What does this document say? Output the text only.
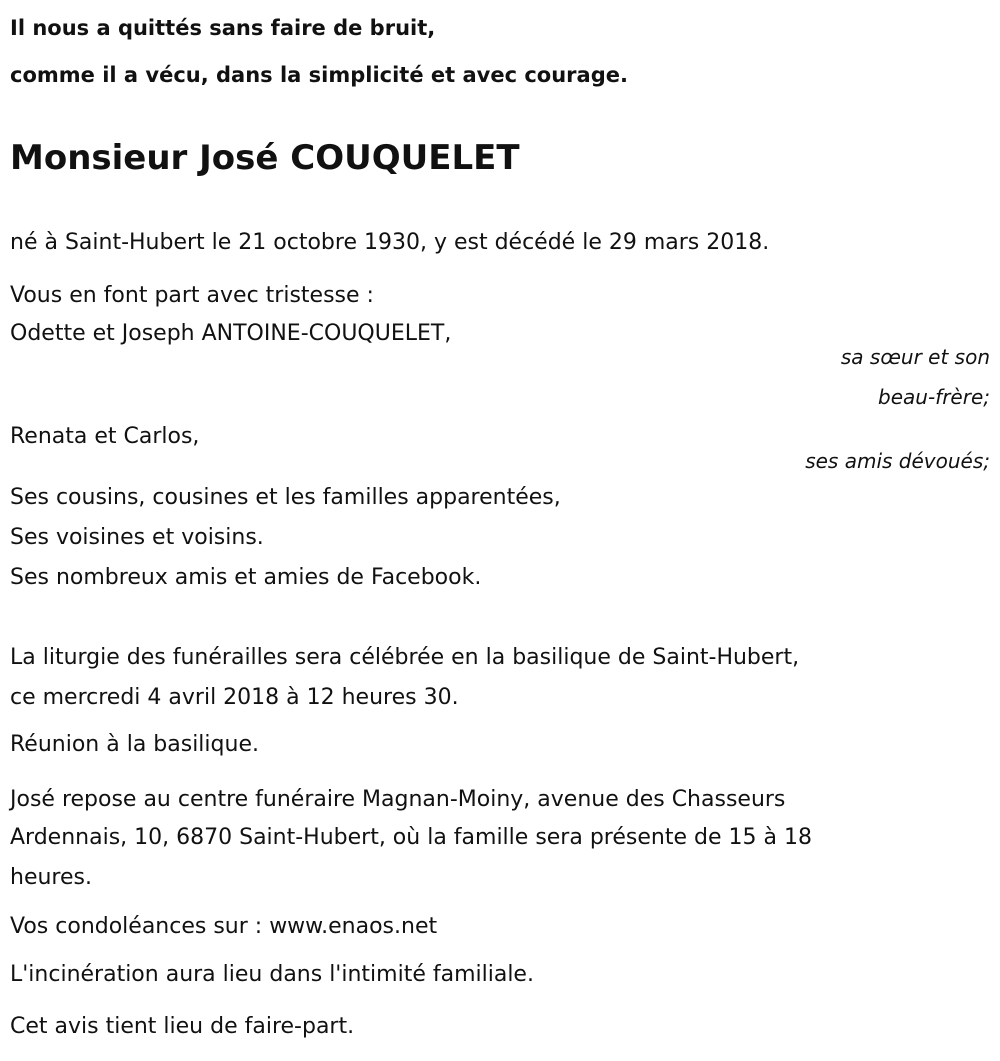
Il nous a quittés sans faire de bruit,
comme il a vécu, dans la simplicité et avec courage.
Monsieur José COUQUELET
né à Saint-Hubert le 21 octobre 1930, y est décédé le 29 mars 2018.
Vous en font part avec tristesse :
Odette et Joseph ANTOINE-COUQUELET,
sa sœur et son
beau-frère;
Renata et Carlos,
ses amis dévoués;
Ses cousins, cousines et les familles apparentées,
Ses voisines et voisins.
Ses nombreux amis et amies de Facebook.
La liturgie des funérailles sera célébrée en la basilique de Saint-Hubert,
ce mercredi 4 avril 2018 à 12 heures 30.
Réunion à la basilique.
José repose au centre funéraire Magnan-Moiny, avenue des Chasseurs
Ardennais, 10, 6870 Saint-Hubert, où la famille sera présente de 15 à 18
heures.
Vos condoléances sur : www.enaos.net
L'incinération aura lieu dans l'intimité familiale.
Cet avis tient lieu de faire-part.
